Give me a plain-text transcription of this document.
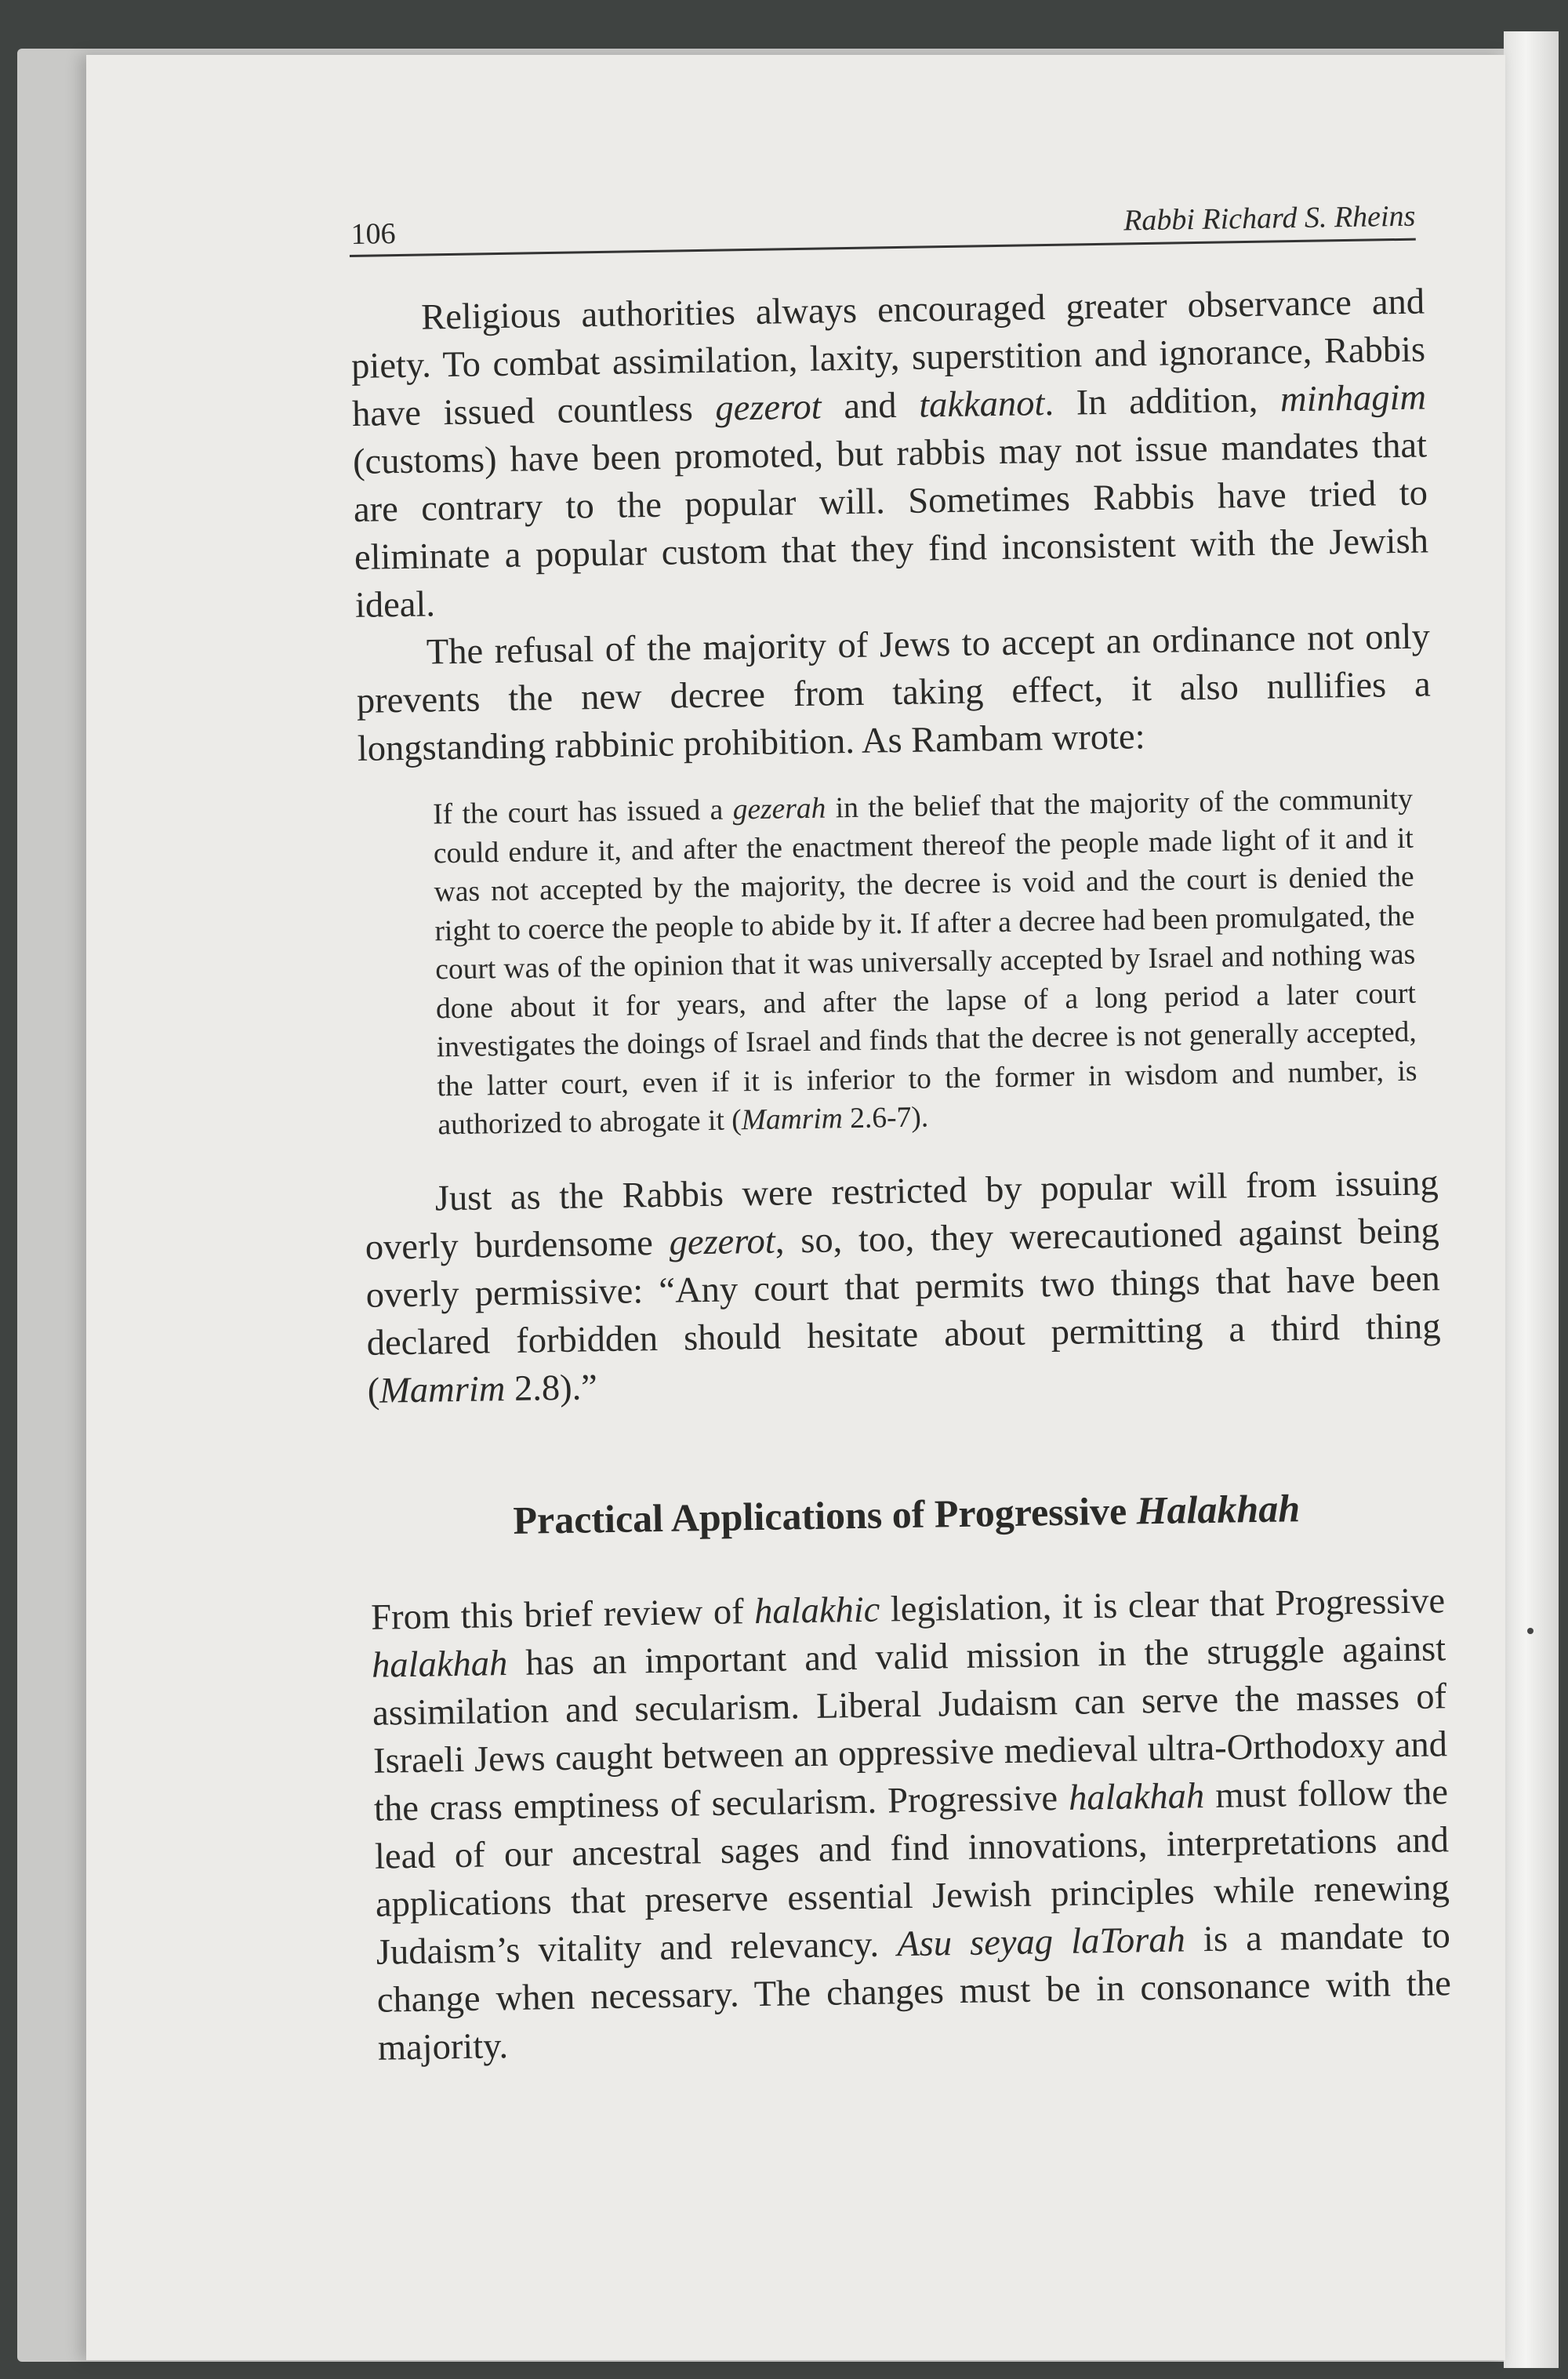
106	Rabbi Richard S. Rheins

Religious authorities always encouraged greater observance and piety. To combat assimilation, laxity, superstition and ignorance, Rabbis have issued countless gezerot and takkanot. In addition, minhagim (customs) have been promoted, but rabbis may not issue mandates that are contrary to the popular will. Sometimes Rabbis have tried to eliminate a popular custom that they find inconsistent with the Jewish ideal.

The refusal of the majority of Jews to accept an ordinance not only prevents the new decree from taking effect, it also nullifies a longstanding rabbinic prohibition. As Rambam wrote:

If the court has issued a gezerah in the belief that the majority of the community could endure it, and after the enactment thereof the people made light of it and it was not accepted by the majority, the decree is void and the court is denied the right to coerce the people to abide by it. If after a decree had been promulgated, the court was of the opinion that it was universally accepted by Israel and nothing was done about it for years, and after the lapse of a long period a later court investigates the doings of Israel and finds that the decree is not generally accepted, the latter court, even if it is inferior to the former in wisdom and number, is authorized to abrogate it (Mamrim 2.6-7).

Just as the Rabbis were restricted by popular will from issuing overly burdensome gezerot, so, too, they werecautioned against being overly permissive: “Any court that permits two things that have been declared forbidden should hesitate about permitting a third thing (Mamrim 2.8).”

Practical Applications of Progressive Halakhah

From this brief review of halakhic legislation, it is clear that Progressive halakhah has an important and valid mission in the struggle against assimilation and secularism. Liberal Judaism can serve the masses of Israeli Jews caught between an oppressive medieval ultra-Orthodoxy and the crass emptiness of secularism. Progressive halakhah must follow the lead of our ancestral sages and find innovations, interpretations and applications that preserve essential Jewish principles while renewing Judaism’s vitality and relevancy. Asu seyag laTorah is a mandate to change when necessary. The changes must be in consonance with the majority.
